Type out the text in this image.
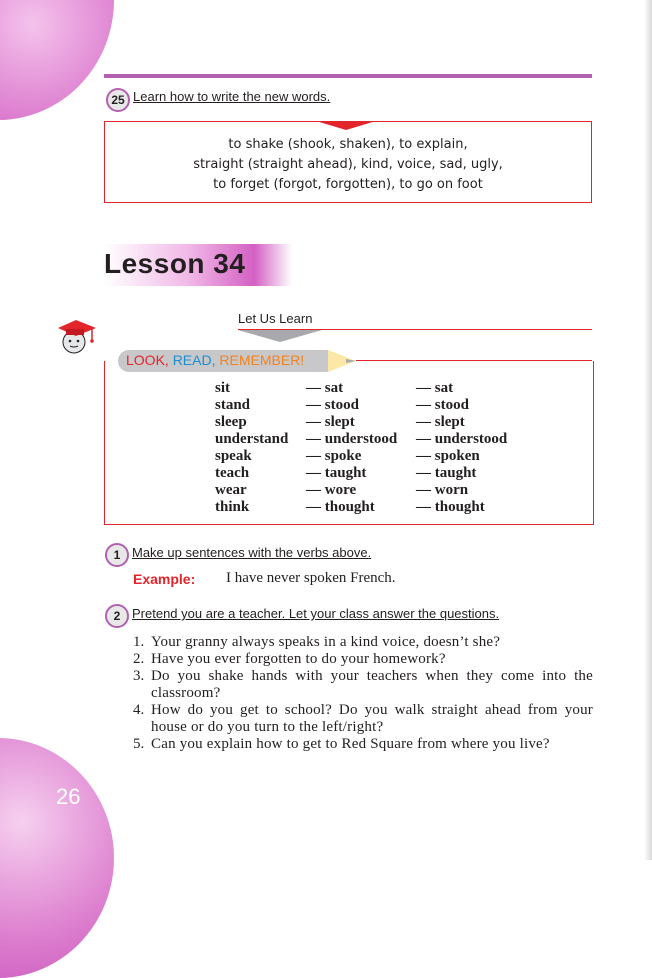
26
25 Learn how to write the new words.
to shake (shook, shaken), to explain,
straight (straight ahead), kind, voice, sad, ugly,
to forget (forgot, forgotten), to go on foot
Lesson 34
Let Us Learn
LOOK, READ, REMEMBER!
sit	— sat	— sat
stand	— stood	— stood
sleep	— slept	— slept
understand — understood — understood
speak	— spoke	— spoken
teach	— taught	— taught
wear	— wore	— worn
think	— thought	— thought
1 Make up sentences with the verbs above.
Example: I have never spoken French.
2 Pretend you are a teacher. Let your class answer the questions.
1. Your granny always speaks in a kind voice, doesn’t she?
2. Have you ever forgotten to do your homework?
3. Do you shake hands with your teachers when they come into the classroom?
4. How do you get to school? Do you walk straight ahead from your house or do you turn to the left/right?
5. Can you explain how to get to Red Square from where you live?
